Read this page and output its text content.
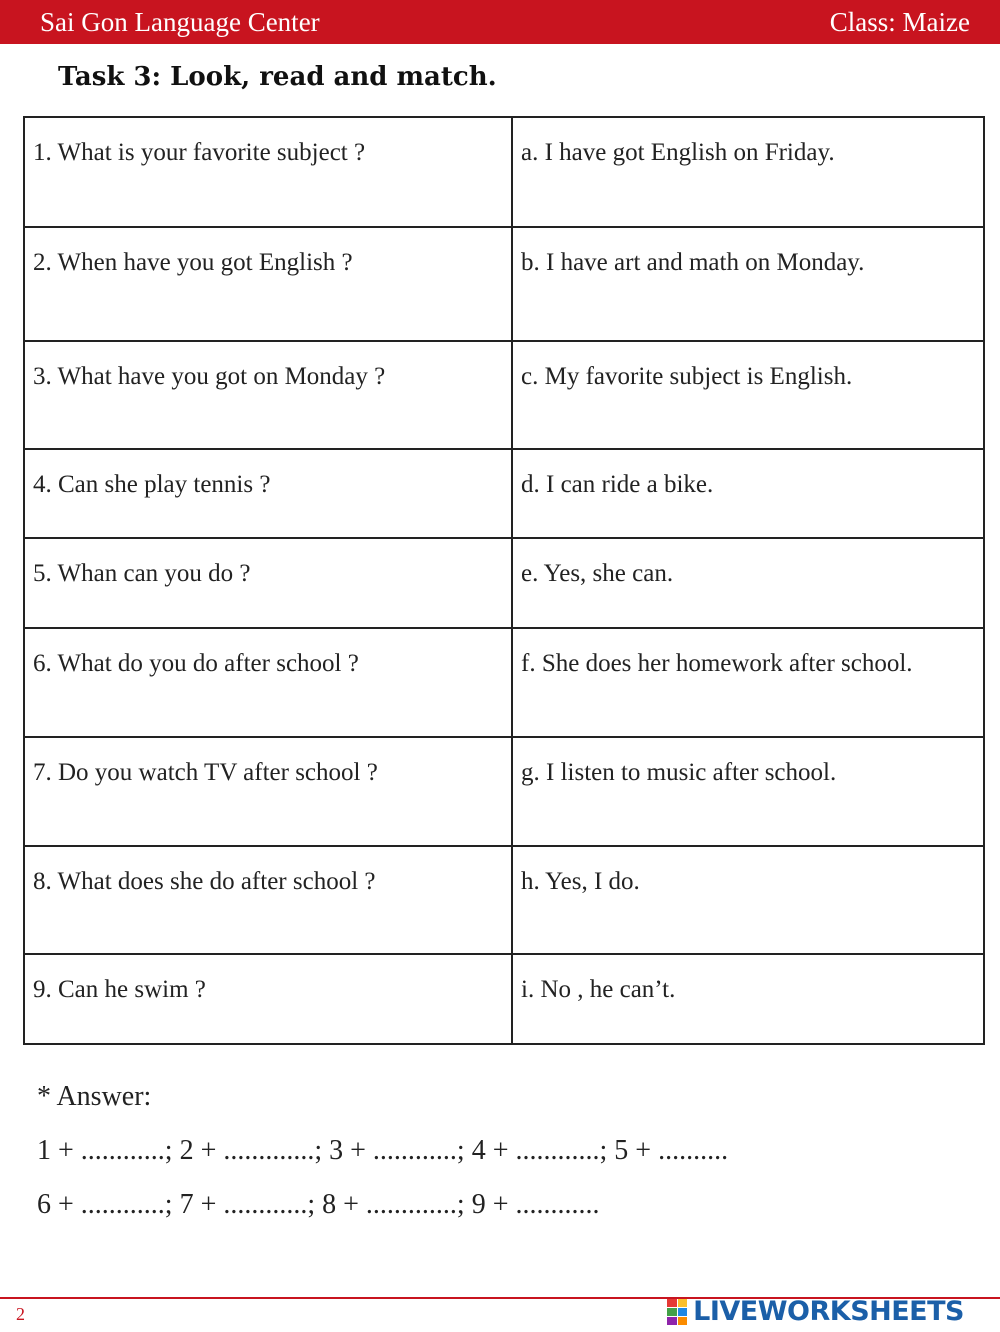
Sai Gon Language Center	Class: Maize
Task 3: Look, read and match.
1. What is your favorite subject ?	a. I have got English on Friday.
2. When have you got English ?	b. I have art and math on Monday.
3. What have you got on Monday ?	c. My favorite subject is English.
4. Can she play tennis ?	d. I can ride a bike.
5. Whan can you do ?	e. Yes, she can.
6. What do you do after school ?	f. She does her homework after school.
7. Do you watch TV after school ?	g. I listen to music after school.
8. What does she do after school ?	h. Yes, I do.
9. Can he swim ?	i. No , he can’t.
* Answer:
1 + ............; 2 + .............; 3 + ............; 4 + ............; 5 + ..........
6 + ............; 7 + ............; 8 + .............; 9 + ............
2	LIVEWORKSHEETS
